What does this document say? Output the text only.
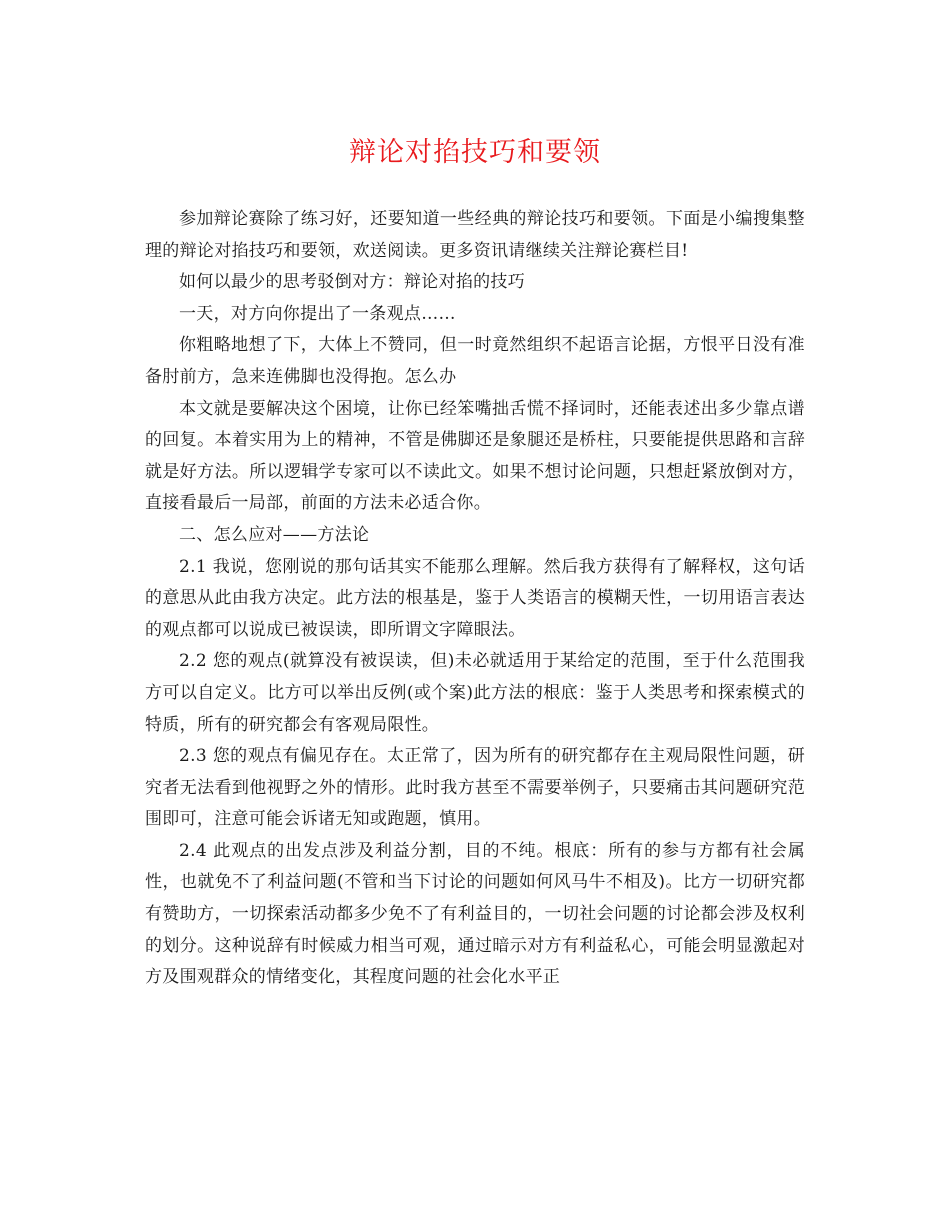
辩论对掐技巧和要领

参加辩论赛除了练习好，还要知道一些经典的辩论技巧和要领。下面是小编搜集整理的辩论对掐技巧和要领，欢送阅读。更多资讯请继续关注辩论赛栏目!

如何以最少的思考驳倒对方：辩论对掐的技巧

一天，对方向你提出了一条观点……

你粗略地想了下，大体上不赞同，但一时竟然组织不起语言论据，方恨平日没有准备肘前方，急来连佛脚也没得抱。怎么办

本文就是要解决这个困境，让你已经笨嘴拙舌慌不择词时，还能表述出多少靠点谱的回复。本着实用为上的精神，不管是佛脚还是象腿还是桥柱，只要能提供思路和言辞就是好方法。所以逻辑学专家可以不读此文。如果不想讨论问题，只想赶紧放倒对方，直接看最后一局部，前面的方法未必适合你。

二、怎么应对——方法论

2.1 我说，您刚说的那句话其实不能那么理解。然后我方获得有了解释权，这句话的意思从此由我方决定。此方法的根基是，鉴于人类语言的模糊天性，一切用语言表达的观点都可以说成已被误读，即所谓文字障眼法。

2.2 您的观点(就算没有被误读，但)未必就适用于某给定的范围，至于什么范围我方可以自定义。比方可以举出反例(或个案)此方法的根底：鉴于人类思考和探索模式的特质，所有的研究都会有客观局限性。

2.3 您的观点有偏见存在。太正常了，因为所有的研究都存在主观局限性问题，研究者无法看到他视野之外的情形。此时我方甚至不需要举例子，只要痛击其问题研究范围即可，注意可能会诉诸无知或跑题，慎用。

2.4 此观点的出发点涉及利益分割，目的不纯。根底：所有的参与方都有社会属性，也就免不了利益问题(不管和当下讨论的问题如何风马牛不相及)。比方一切研究都有赞助方，一切探索活动都多少免不了有利益目的，一切社会问题的讨论都会涉及权利的划分。这种说辞有时候威力相当可观，通过暗示对方有利益私心，可能会明显激起对方及围观群众的情绪变化，其程度问题的社会化水平正
